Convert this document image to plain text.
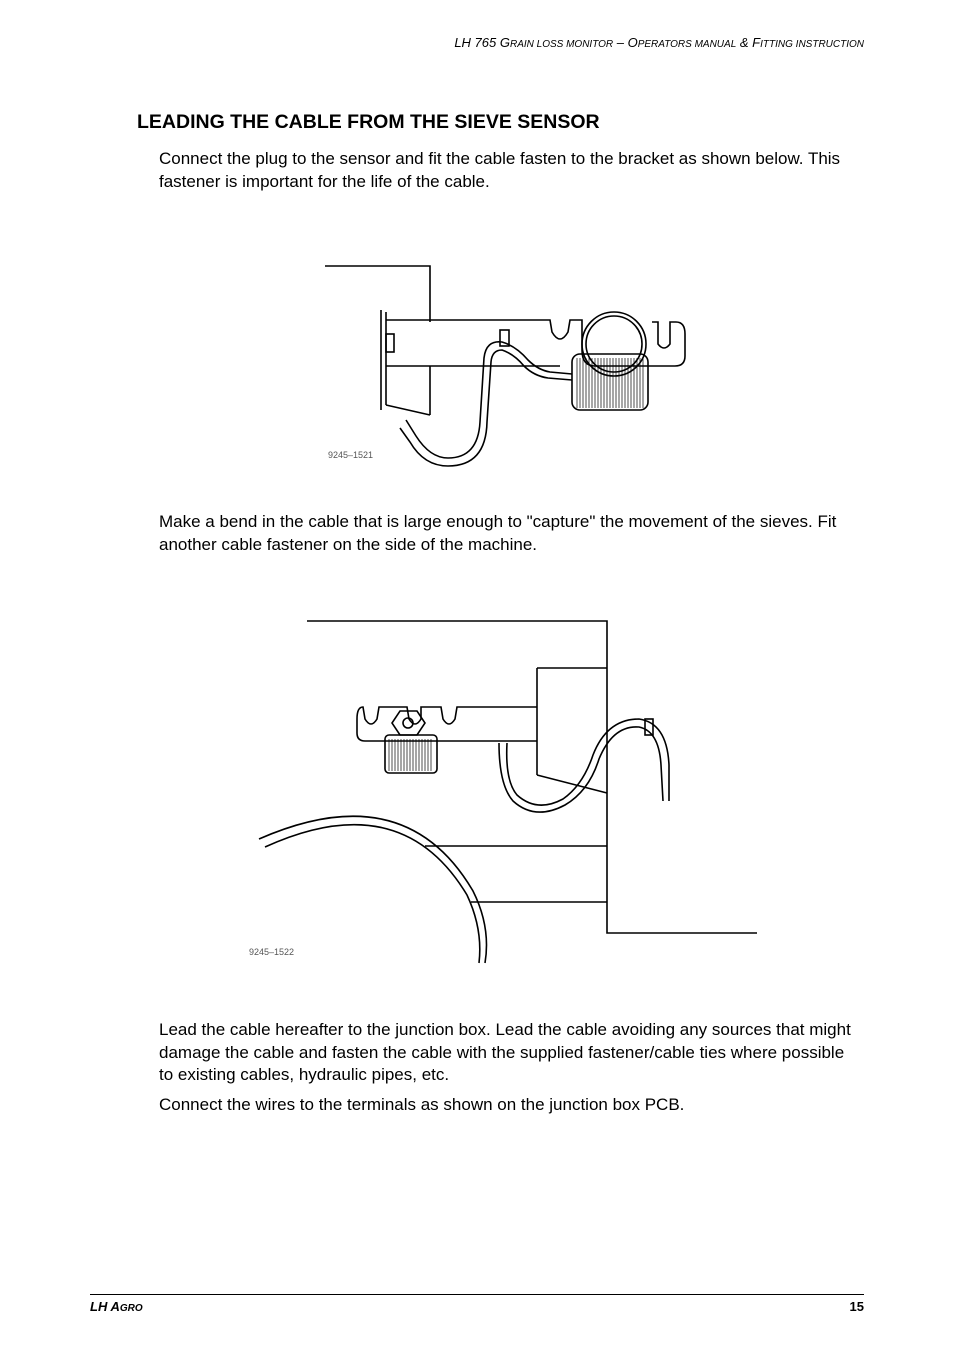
LH 765 GRAIN LOSS MONITOR – OPERATORS MANUAL & FITTING INSTRUCTION
LEADING THE CABLE FROM THE SIEVE SENSOR

Connect the plug to the sensor and fit the cable fasten to the bracket as shown below. This fastener is important for the life of the cable.

9245–1521

Make a bend in the cable that is large enough to "capture" the movement of the sieves. Fit another cable fastener on the side of the machine.

9245–1522

Lead the cable hereafter to the junction box. Lead the cable avoiding any sources that might damage the cable and fasten the cable with the supplied fastener/cable ties where possible to existing cables, hydraulic pipes, etc.

Connect the wires to the terminals as shown on the junction box PCB.

LH AGRO	15
